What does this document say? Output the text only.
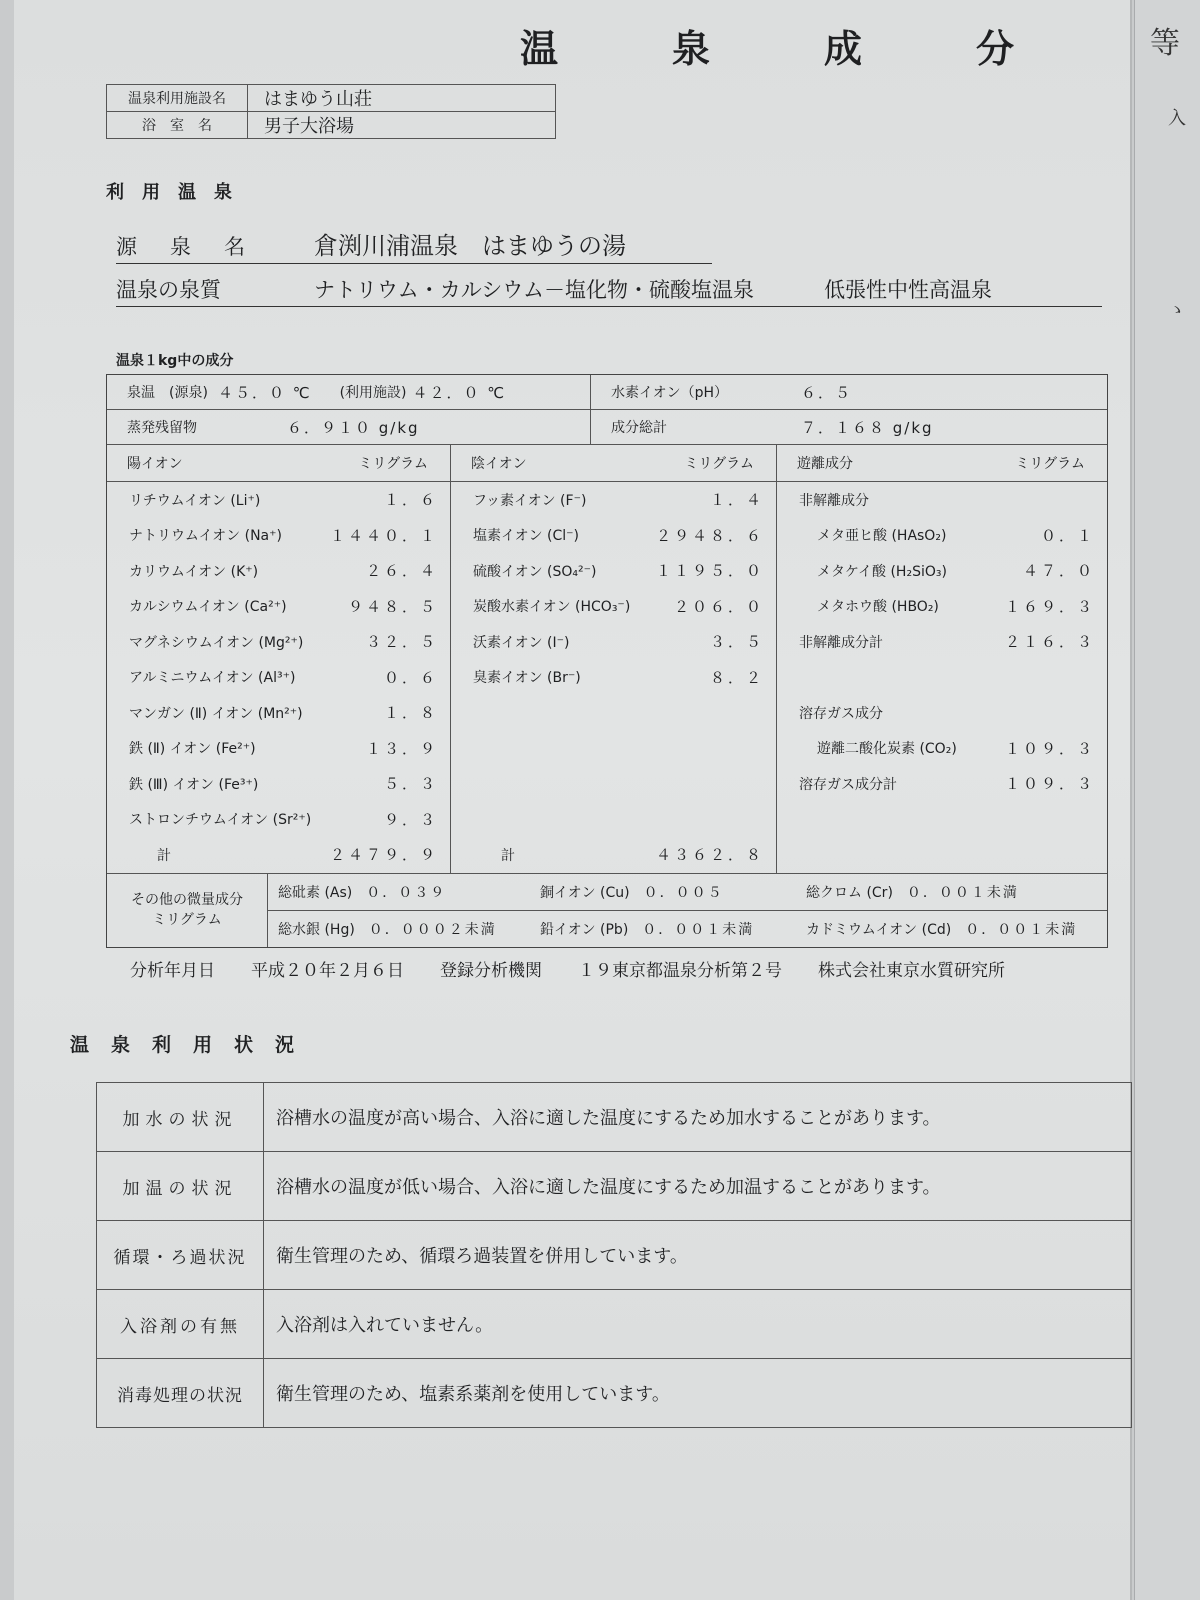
等
入
ゝ
温	泉	成	分
温泉利用施設名	はまゆう山荘
浴　室　名	男子大浴場
利用温泉
源　泉　名	倉渕川浦温泉　はまゆうの湯
温泉の泉質	ナトリウム・カルシウム－塩化物・硫酸塩温泉	低張性中性高温泉
温泉１kg中の成分
泉温　(源泉) ４５．０ ℃ (利用施設) ４２．０ ℃	水素イオン（pH）	６．５
蒸発残留物	６．９１０ g/kg	成分総計	７．１６８ g/kg
陽イオン	ミリグラム
リチウムイオン (Li⁺)	１．６
ナトリウムイオン (Na⁺)	１４４０．１
カリウムイオン (K⁺)	２６．４
カルシウムイオン (Ca²⁺)	９４８．５
マグネシウムイオン (Mg²⁺)	３２．５
アルミニウムイオン (Al³⁺)	０．６
マンガン (Ⅱ) イオン (Mn²⁺)	１．８
鉄 (Ⅱ) イオン (Fe²⁺)	１３．９
鉄 (Ⅲ) イオン (Fe³⁺)	５．３
ストロンチウムイオン (Sr²⁺)	９．３
計	２４７９．９
陰イオン	ミリグラム
フッ素イオン (F⁻)	１．４
塩素イオン (Cl⁻)	２９４８．６
硫酸イオン (SO₄²⁻)	１１９５．０
炭酸水素イオン (HCO₃⁻)	２０６．０
沃素イオン (I⁻)	３．５
臭素イオン (Br⁻)	８．２
計	４３６２．８
遊離成分	ミリグラム
非解離成分
メタ亜ヒ酸 (HAsO₂)	０．１
メタケイ酸 (H₂SiO₃)	４７．０
メタホウ酸 (HBO₂)	１６９．３
非解離成分計	２１６．３
溶存ガス成分
遊離二酸化炭素 (CO₂)	１０９．３
溶存ガス成分計	１０９．３
その他の微量成分
ミリグラム
総砒素 (As) ０．０３９	銅イオン (Cu) ０．００５	総クロム (Cr) ０．００１未満
総水銀 (Hg) ０．０００２未満	鉛イオン (Pb) ０．００１未満	カドミウムイオン (Cd) ０．００１未満
分析年月日 平成２０年２月６日 登録分析機関 １９東京都温泉分析第２号 株式会社東京水質研究所
温泉利用状況
加水の状況	浴槽水の温度が高い場合、入浴に適した温度にするため加水することがあります。
加温の状況	浴槽水の温度が低い場合、入浴に適した温度にするため加温することがあります。
循環・ろ過状況	衛生管理のため、循環ろ過装置を併用しています。
入浴剤の有無	入浴剤は入れていません。
消毒処理の状況	衛生管理のため、塩素系薬剤を使用しています。
